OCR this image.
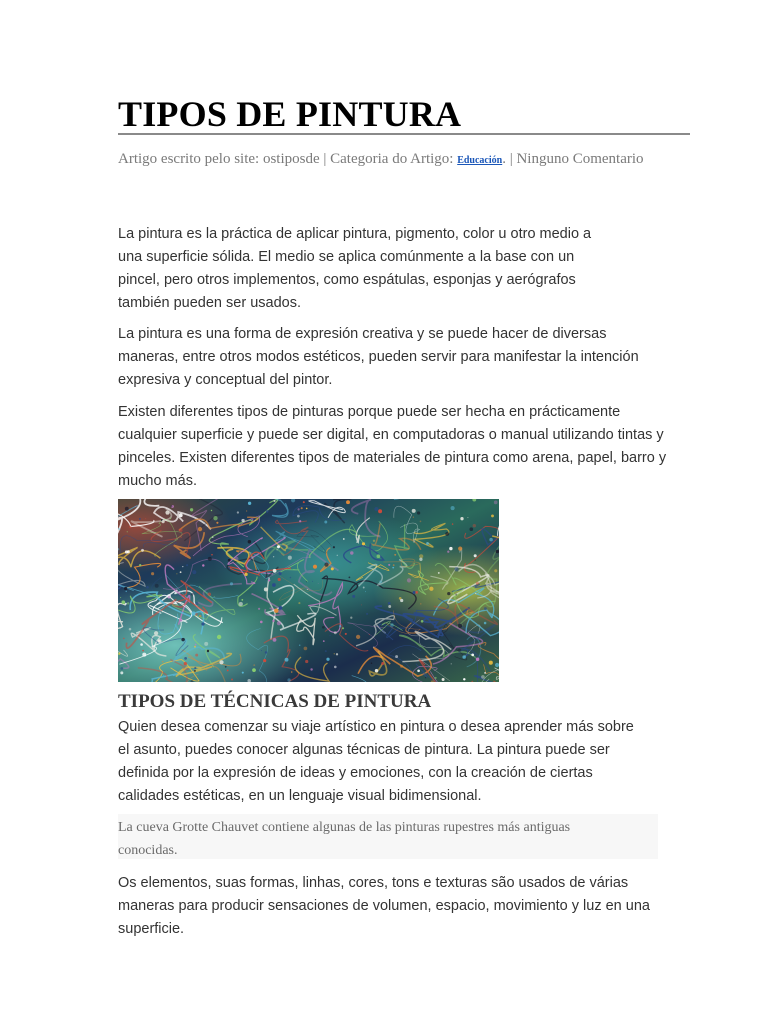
TIPOS DE PINTURA
Artigo escrito pelo site: ostiposde | Categoria do Artigo: Educación. | Ninguno Comentario

La pintura es la práctica de aplicar pintura, pigmento, color u otro medio a una superficie sólida. El medio se aplica comúnmente a la base con un pincel, pero otros implementos, como espátulas, esponjas y aerógrafos también pueden ser usados.

La pintura es una forma de expresión creativa y se puede hacer de diversas maneras, entre otros modos estéticos, pueden servir para manifestar la intención expresiva y conceptual del pintor.

Existen diferentes tipos de pinturas porque puede ser hecha en prácticamente cualquier superficie y puede ser digital, en computadoras o manual utilizando tintas y pinceles. Existen diferentes tipos de materiales de pintura como arena, papel, barro y mucho más.

TIPOS DE TÉCNICAS DE PINTURA

Quien desea comenzar su viaje artístico en pintura o desea aprender más sobre el asunto, puedes conocer algunas técnicas de pintura. La pintura puede ser definida por la expresión de ideas y emociones, con la creación de ciertas calidades estéticas, en un lenguaje visual bidimensional.

La cueva Grotte Chauvet contiene algunas de las pinturas rupestres más antiguas conocidas.

Os elementos, suas formas, linhas, cores, tons e texturas são usados de várias maneras para producir sensaciones de volumen, espacio, movimiento y luz en una superficie.
